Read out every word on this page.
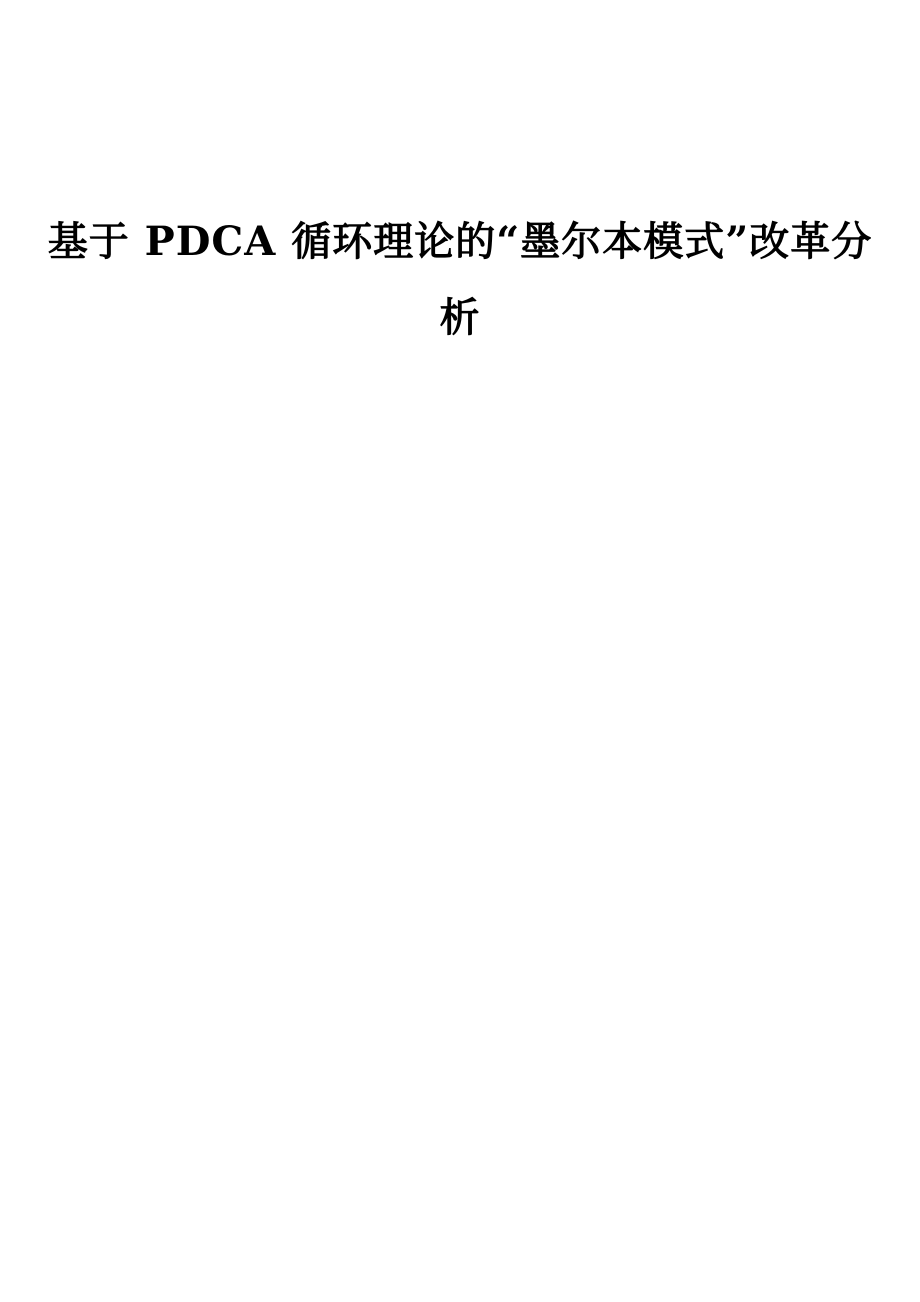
基于 PDCA 循环理论的“墨尔本模式”改革分
析
